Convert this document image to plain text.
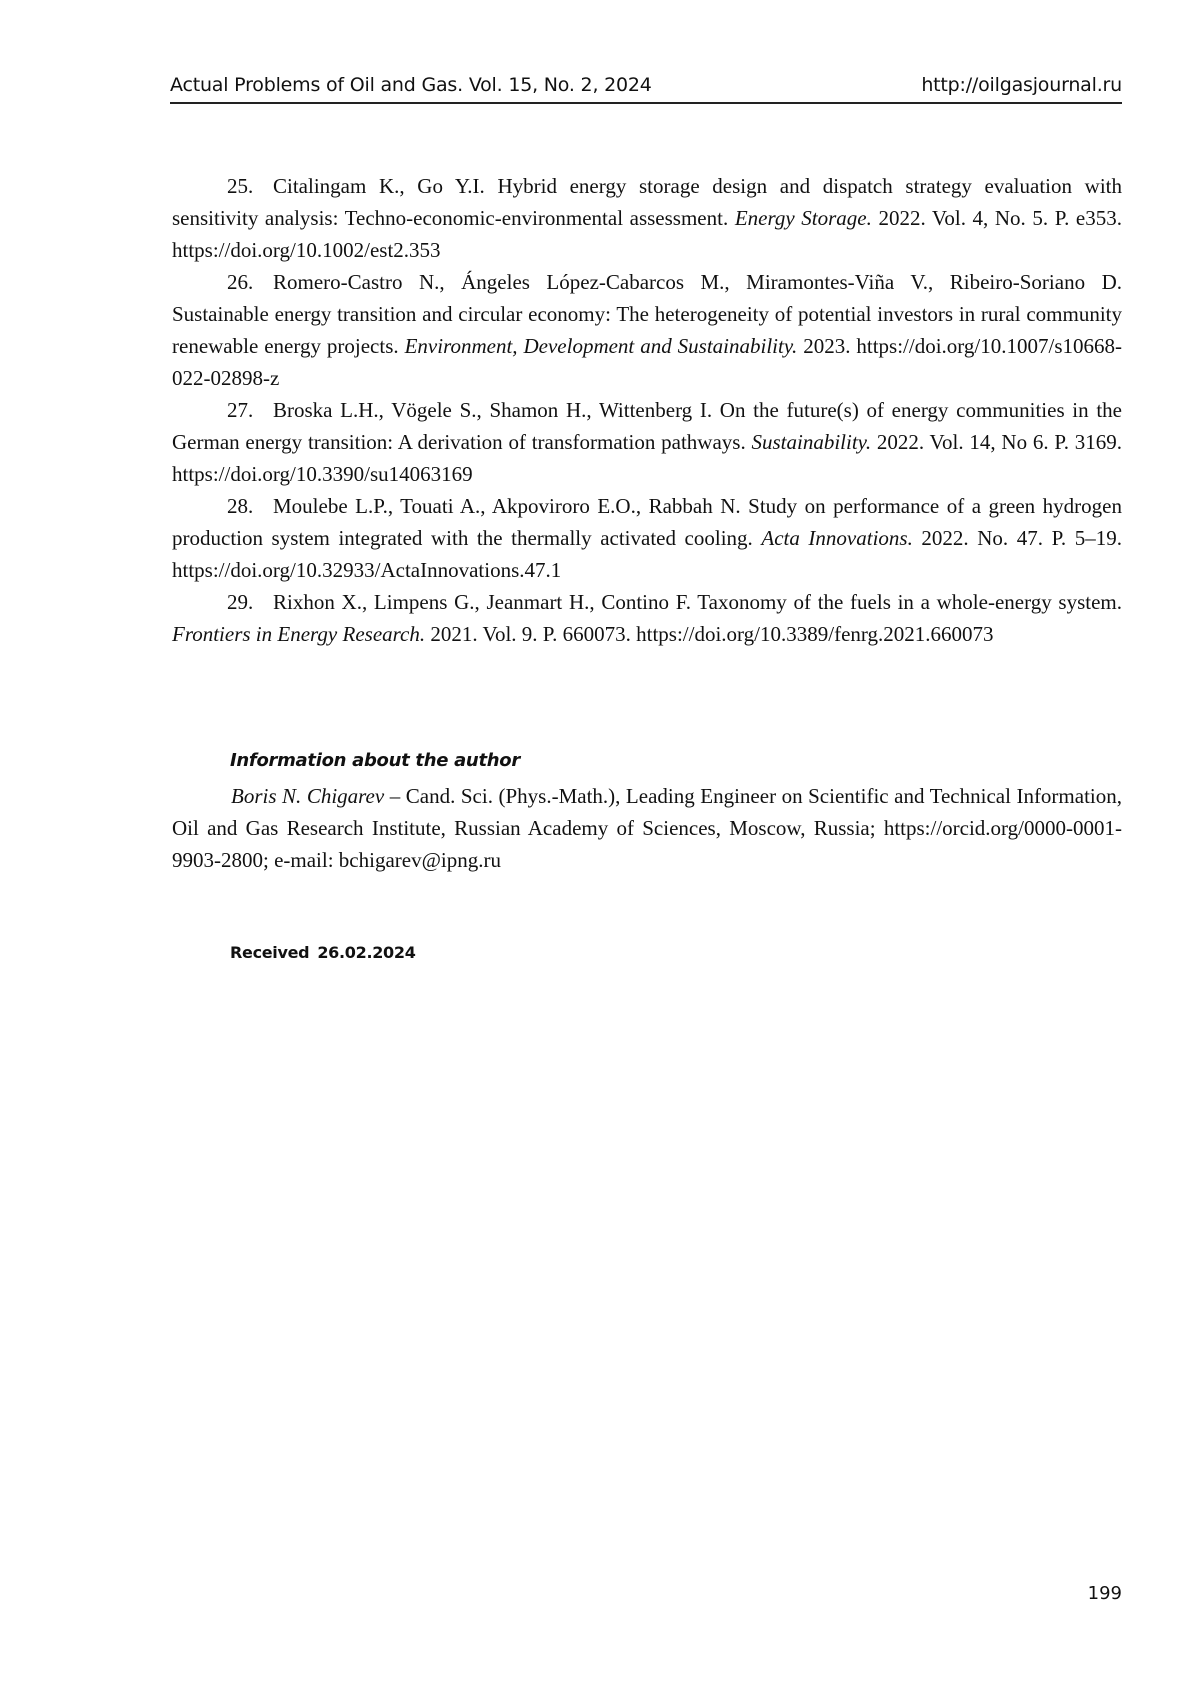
Actual Problems of Oil and Gas. Vol. 15, No. 2, 2024	http://oilgasjournal.ru

25. Citalingam K., Go Y.I. Hybrid energy storage design and dispatch strategy evaluation with sensitivity analysis: Techno-economic-environmental assessment. Energy Storage. 2022. Vol. 4, No. 5. P. e353. https://doi.org/10.1002/est2.353

26. Romero-Castro N., Ángeles López-Cabarcos M., Miramontes-Viña V., Ribeiro-Soriano D. Sustainable energy transition and circular economy: The heterogeneity of potential investors in rural community renewable energy projects. Environment, Development and Sustainability. 2023. https://doi.org/10.1007/s10668-022-02898-z

27. Broska L.H., Vögele S., Shamon H., Wittenberg I. On the future(s) of energy communities in the German energy transition: A derivation of transformation pathways. Sustainability. 2022. Vol. 14, No 6. P. 3169. https://doi.org/10.3390/su14063169

28. Moulebe L.P., Touati A., Akpoviroro E.O., Rabbah N. Study on performance of a green hydrogen production system integrated with the thermally activated cooling. Acta Innovations. 2022. No. 47. P. 5–19. https://doi.org/10.32933/ActaInnovations.47.1

29. Rixhon X., Limpens G., Jeanmart H., Contino F. Taxonomy of the fuels in a whole-energy system. Frontiers in Energy Research. 2021. Vol. 9. P. 660073. https://doi.org/10.3389/fenrg.2021.660073

Information about the author

Boris N. Chigarev – Cand. Sci. (Phys.-Math.), Leading Engineer on Scientific and Technical Information, Oil and Gas Research Institute, Russian Academy of Sciences, Moscow, Russia; https://orcid.org/0000-0001-9903-2800; e-mail: bchigarev@ipng.ru

Received 26.02.2024
199
